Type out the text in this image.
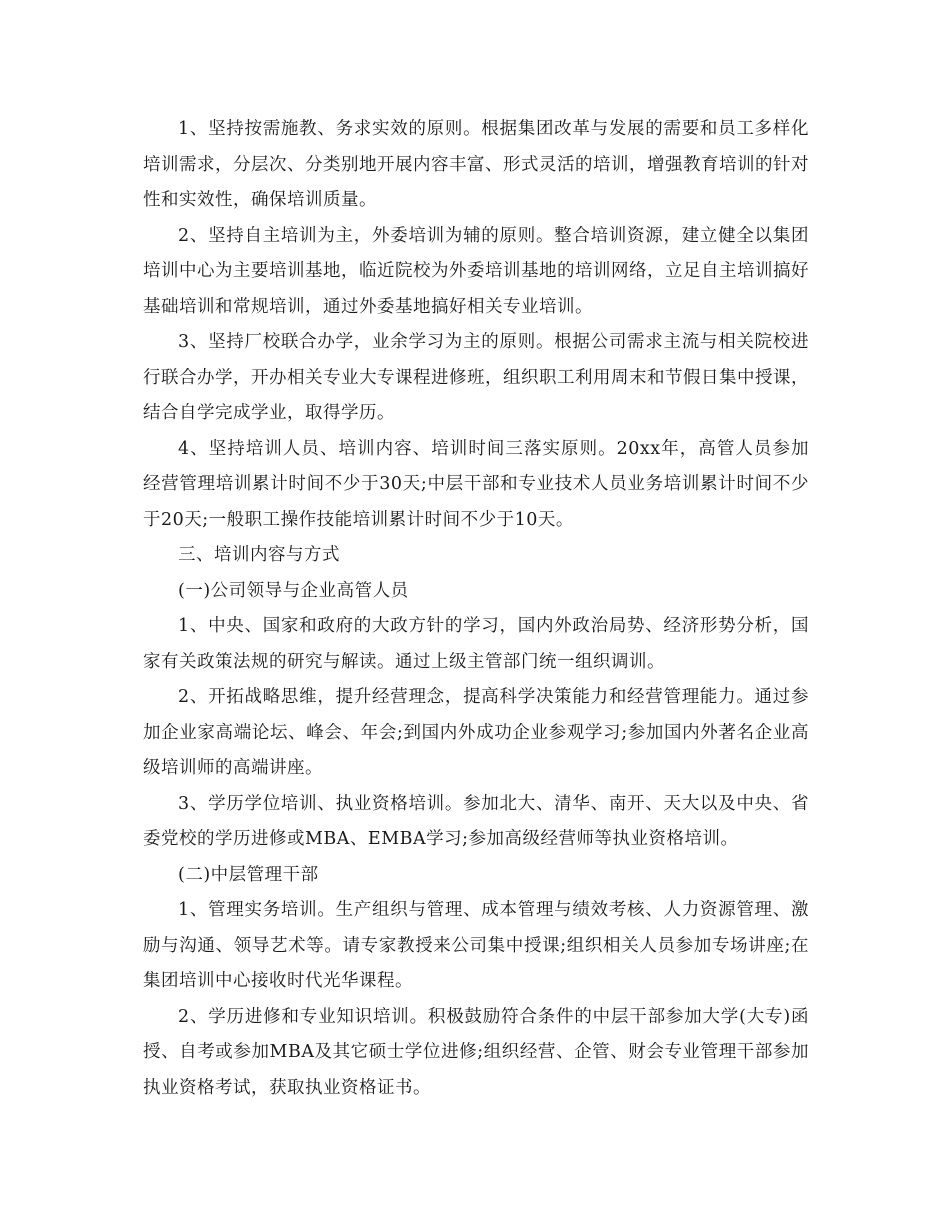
1、坚持按需施教、务求实效的原则。根据集团改革与发展的需要和员工多样化培训需求，分层次、分类别地开展内容丰富、形式灵活的培训，增强教育培训的针对性和实效性，确保培训质量。

2、坚持自主培训为主，外委培训为辅的原则。整合培训资源，建立健全以集团培训中心为主要培训基地，临近院校为外委培训基地的培训网络，立足自主培训搞好基础培训和常规培训，通过外委基地搞好相关专业培训。

3、坚持厂校联合办学，业余学习为主的原则。根据公司需求主流与相关院校进行联合办学，开办相关专业大专课程进修班，组织职工利用周末和节假日集中授课，结合自学完成学业，取得学历。

4、坚持培训人员、培训内容、培训时间三落实原则。20xx年，高管人员参加经营管理培训累计时间不少于30天;中层干部和专业技术人员业务培训累计时间不少于20天;一般职工操作技能培训累计时间不少于10天。

三、培训内容与方式

(一)公司领导与企业高管人员

1、中央、国家和政府的大政方针的学习，国内外政治局势、经济形势分析，国家有关政策法规的研究与解读。通过上级主管部门统一组织调训。

2、开拓战略思维，提升经营理念，提高科学决策能力和经营管理能力。通过参加企业家高端论坛、峰会、年会;到国内外成功企业参观学习;参加国内外著名企业高级培训师的高端讲座。

3、学历学位培训、执业资格培训。参加北大、清华、南开、天大以及中央、省委党校的学历进修或MBA、EMBA学习;参加高级经营师等执业资格培训。

(二)中层管理干部

1、管理实务培训。生产组织与管理、成本管理与绩效考核、人力资源管理、激励与沟通、领导艺术等。请专家教授来公司集中授课;组织相关人员参加专场讲座;在集团培训中心接收时代光华课程。

2、学历进修和专业知识培训。积极鼓励符合条件的中层干部参加大学(大专)函授、自考或参加MBA及其它硕士学位进修;组织经营、企管、财会专业管理干部参加执业资格考试，获取执业资格证书。
